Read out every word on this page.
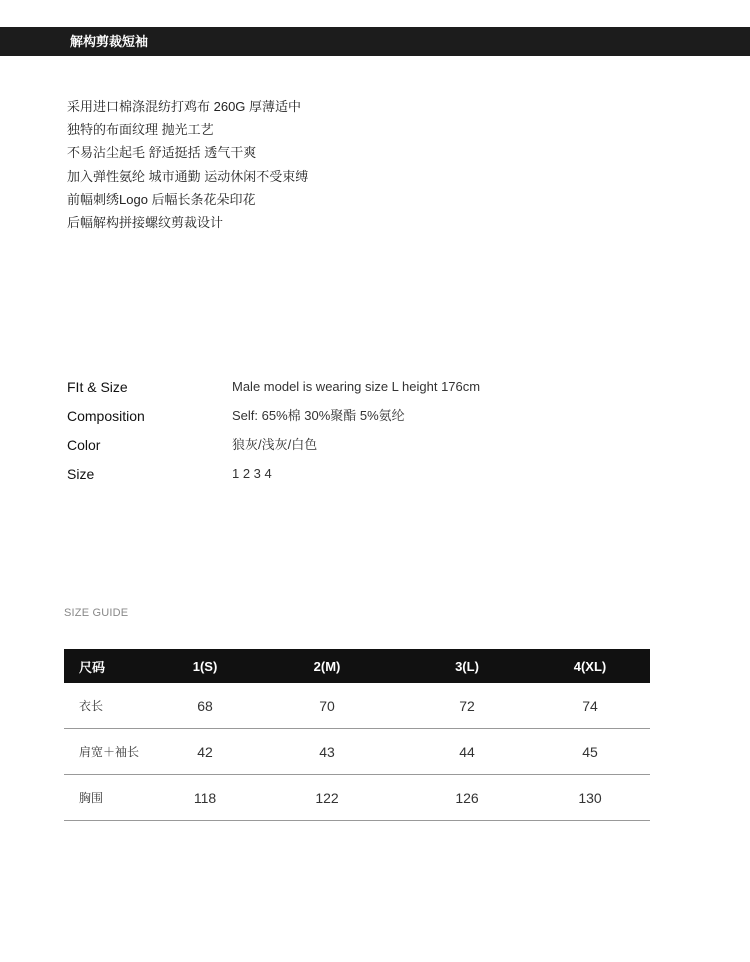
解构剪裁短袖
采用进口棉涤混纺打鸡布 260G 厚薄适中
独特的布面纹理 抛光工艺
不易沾尘起毛 舒适挺括 透气干爽
加入弹性氨纶 城市通勤 运动休闲不受束缚
前幅刺绣Logo 后幅长条花朵印花
后幅解构拼接螺纹剪裁设计
FIt & Size	Male model is wearing size L height 176cm
Composition	Self: 65%棉 30%聚酯 5%氨纶
Color	狼灰/浅灰/白色
Size	1 2 3 4
SIZE GUIDE
尺码	1(S)	2(M)	3(L)	4(XL)
衣长	68	70	72	74
肩宽＋袖长	42	43	44	45
胸围	118	122	126	130
